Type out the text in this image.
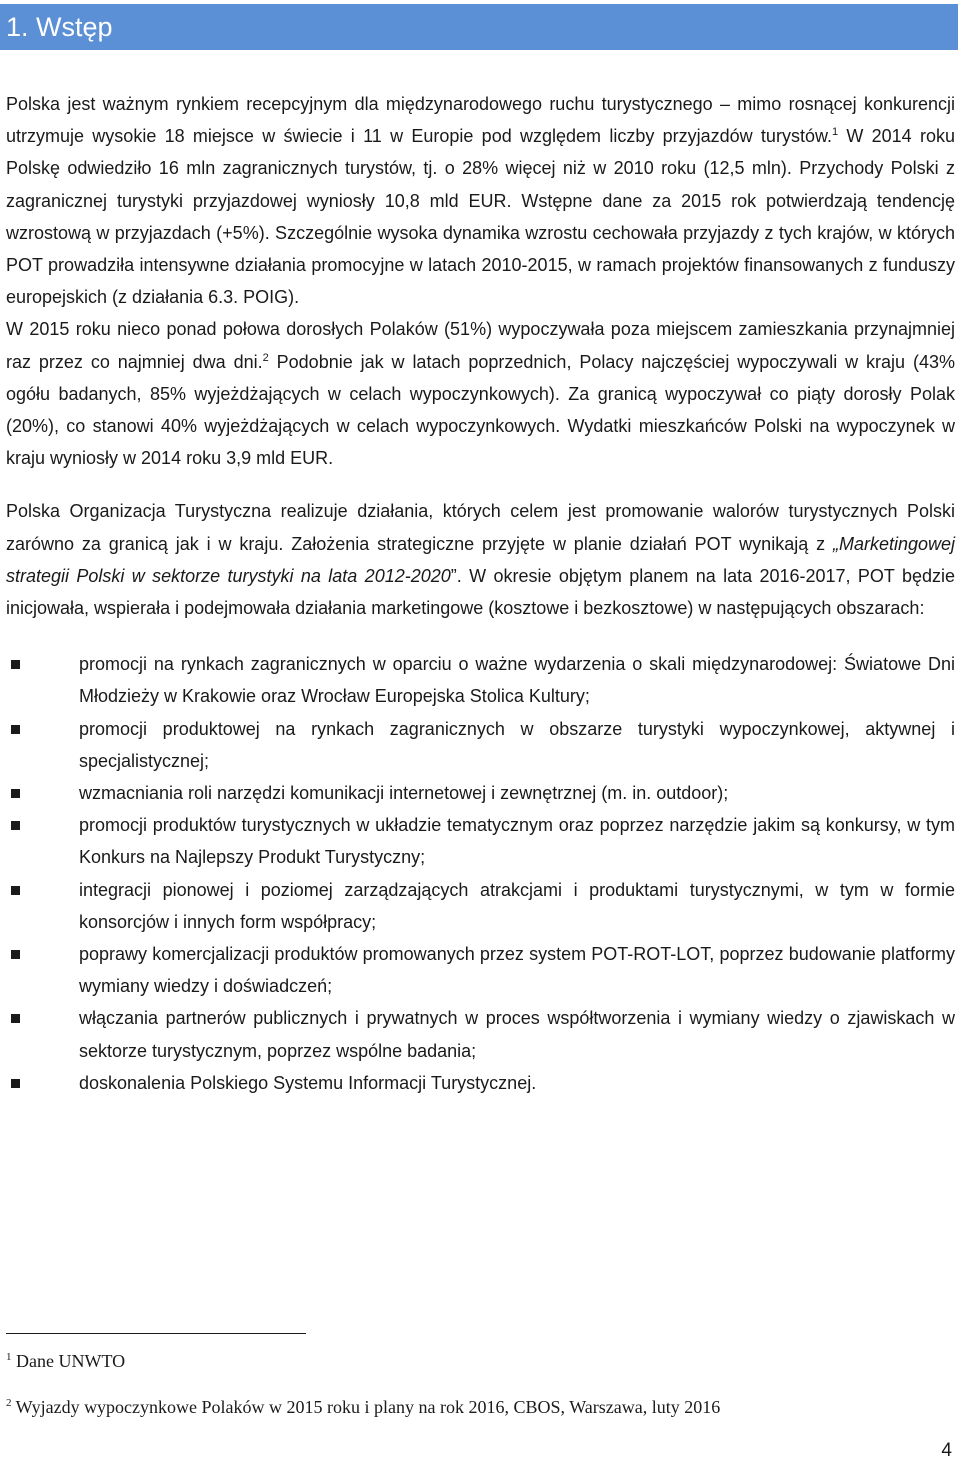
1. Wstęp

Polska jest ważnym rynkiem recepcyjnym dla międzynarodowego ruchu turystycznego – mimo rosnącej konkurencji utrzymuje wysokie 18 miejsce w świecie i 11 w Europie pod względem liczby przyjazdów turystów.$^1$ W 2014 roku Polskę odwiedziło 16 mln zagranicznych turystów, tj. o 28% więcej niż w 2010 roku (12,5 mln). Przychody Polski z zagranicznej turystyki przyjazdowej wyniosły 10,8 mld EUR. Wstępne dane za 2015 rok potwierdzają tendencję wzrostową w przyjazdach (+5%). Szczególnie wysoka dynamika wzrostu cechowała przyjazdy z tych krajów, w których POT prowadziła intensywne działania promocyjne w latach 2010-2015, w ramach projektów finansowanych z funduszy europejskich (z działania 6.3. POIG).

W 2015 roku nieco ponad połowa dorosłych Polaków (51%) wypoczywała poza miejscem zamieszkania przynajmniej raz przez co najmniej dwa dni.$^2$ Podobnie jak w latach poprzednich, Polacy najczęściej wypoczywali w kraju (43% ogółu badanych, 85% wyjeżdżających w celach wypoczynkowych). Za granicą wypoczywał co piąty dorosły Polak (20%), co stanowi 40% wyjeżdżających w celach wypoczynkowych. Wydatki mieszkańców Polski na wypoczynek w kraju wyniosły w 2014 roku 3,9 mld EUR.

Polska Organizacja Turystyczna realizuje działania, których celem jest promowanie walorów turystycznych Polski zarówno za granicą jak i w kraju. Założenia strategiczne przyjęte w planie działań POT wynikają z „Marketingowej strategii Polski w sektorze turystyki na lata 2012-2020”. W okresie objętym planem na lata 2016-2017, POT będzie inicjowała, wspierała i podejmowała działania marketingowe (kosztowe i bezkosztowe) w następujących obszarach:

promocji na rynkach zagranicznych w oparciu o ważne wydarzenia o skali międzynarodowej: Światowe Dni Młodzieży w Krakowie oraz Wrocław Europejska Stolica Kultury;
promocji produktowej na rynkach zagranicznych w obszarze turystyki wypoczynkowej, aktywnej i specjalistycznej;
wzmacniania roli narzędzi komunikacji internetowej i zewnętrznej (m. in. outdoor);
promocji produktów turystycznych w układzie tematycznym oraz poprzez narzędzie jakim są konkursy, w tym Konkurs na Najlepszy Produkt Turystyczny;
integracji pionowej i poziomej zarządzających atrakcjami i produktami turystycznymi, w tym w formie konsorcjów i innych form współpracy;
poprawy komercjalizacji produktów promowanych przez system POT-ROT-LOT, poprzez budowanie platformy wymiany wiedzy i doświadczeń;
włączania partnerów publicznych i prywatnych w proces współtworzenia i wymiany wiedzy o zjawiskach w sektorze turystycznym, poprzez wspólne badania;
doskonalenia Polskiego Systemu Informacji Turystycznej.

$^1$ Dane UNWTO

$^2$ Wyjazdy wypoczynkowe Polaków w 2015 roku i plany na rok 2016, CBOS, Warszawa, luty 2016

4
